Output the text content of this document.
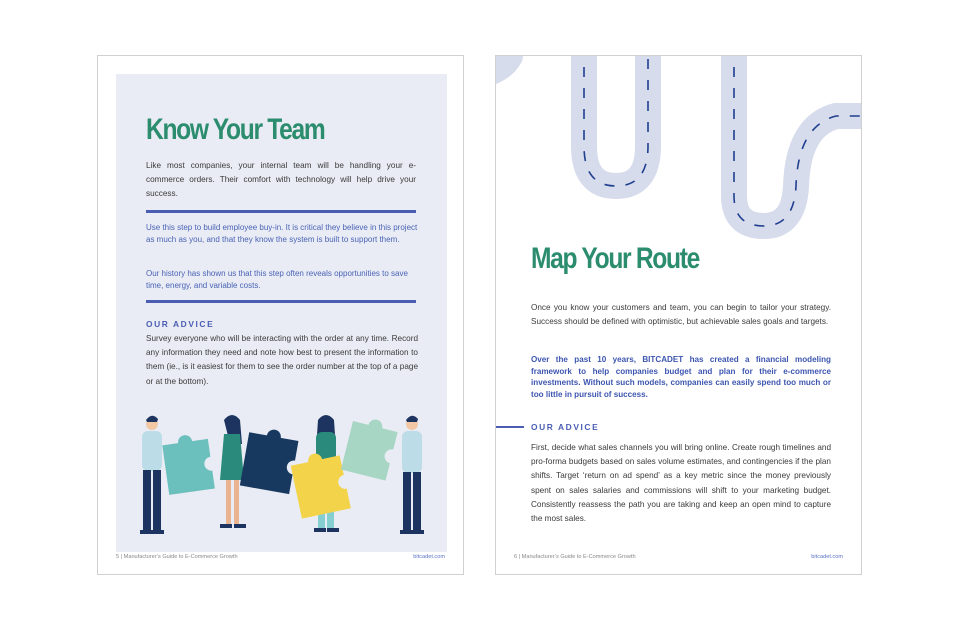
Know Your Team

Like most companies, your internal team will be handling your e-commerce orders. Their comfort with technology will help drive your success.

Use this step to build employee buy-in. It is critical they believe in this project as much as you, and that they know the system is built to support them.

Our history has shown us that this step often reveals opportunities to save time, energy, and variable costs.

OUR ADVICE

Survey everyone who will be interacting with the order at any time. Record any information they need and note how best to present the information to them (ie., is it easiest for them to see the order number at the top of a page or at the bottom).

5 | Manufacturer’s Guide to E-Commerce Growth	bitcadet.com
Map Your Route

Once you know your customers and team, you can begin to tailor your strategy. Success should be defined with optimistic, but achievable sales goals and targets.

Over the past 10 years, BITCADET has created a financial modeling framework to help companies budget and plan for their e-commerce investments. Without such models, companies can easily spend too much or too little in pursuit of success.

OUR ADVICE

First, decide what sales channels you will bring online. Create rough timelines and pro-forma budgets based on sales volume estimates, and contingencies if the plan shifts. Target ‘return on ad spend’ as a key metric since the money previously spent on sales salaries and commissions will shift to your marketing budget. Consistently reassess the path you are taking and keep an open mind to capture the most sales.

6 | Manufacturer’s Guide to E-Commerce Growth	bitcadet.com
